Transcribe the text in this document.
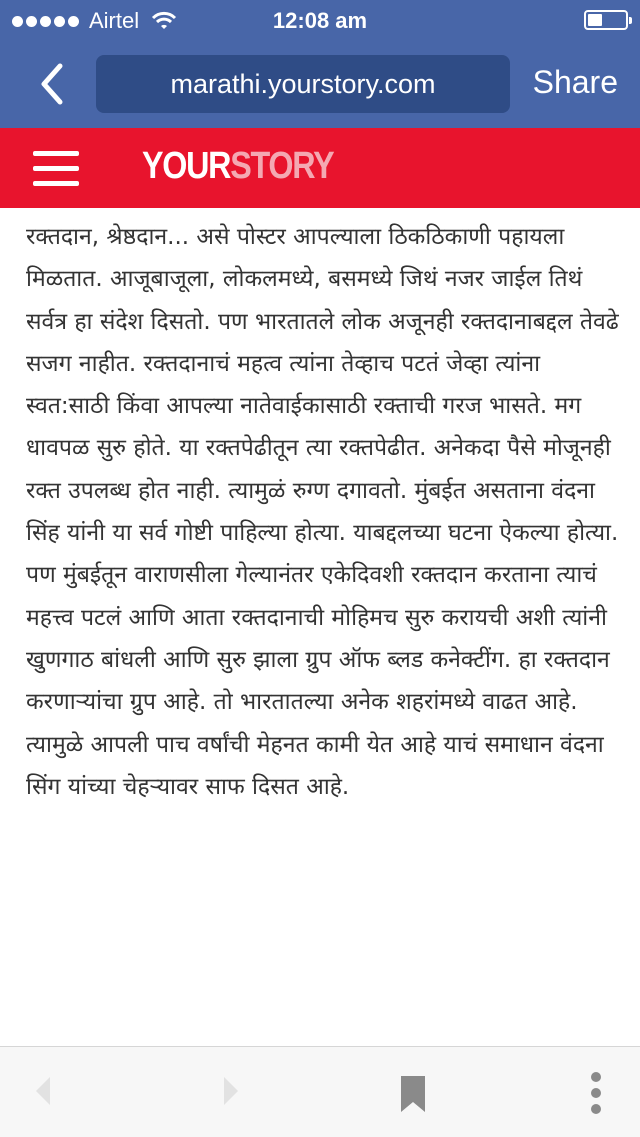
Airtel	12:08 am
marathi.yourstory.com	Share
YOURSTORY

रक्तदान, श्रेष्ठदान... असे पोस्टर आपल्याला ठिकठिकाणी पहायला मिळतात. आजूबाजूला, लोकलमध्ये, बसमध्ये जिथं नजर जाईल तिथं सर्वत्र हा संदेश दिसतो. पण भारतातले लोक अजूनही रक्तदानाबद्दल तेवढे सजग नाहीत. रक्तदानाचं महत्व त्यांना तेव्हाच पटतं जेव्हा त्यांना स्वत:साठी किंवा आपल्या नातेवाईकासाठी रक्ताची गरज भासते. मग धावपळ सुरु होते. या रक्तपेढीतून त्या रक्तपेढीत. अनेकदा पैसे मोजूनही रक्त उपलब्ध होत नाही. त्यामुळं रुग्ण दगावतो. मुंबईत असताना वंदना सिंह यांनी या सर्व गोष्टी पाहिल्या होत्या. याबद्दलच्या घटना ऐकल्या होत्या. पण मुंबईतून वाराणसीला गेल्यानंतर एकेदिवशी रक्तदान करताना त्याचं महत्त्व पटलं आणि आता रक्तदानाची मोहिमच सुरु करायची अशी त्यांनी खुणगाठ बांधली आणि सुरु झाला ग्रुप ऑफ ब्लड कनेक्टींग. हा रक्तदान करणाऱ्यांचा ग्रुप आहे. तो भारतातल्या अनेक शहरांमध्ये वाढत आहे. त्यामुळे आपली पाच वर्षांची मेहनत कामी येत आहे याचं समाधान वंदना सिंग यांच्या चेहऱ्यावर साफ दिसत आहे.
